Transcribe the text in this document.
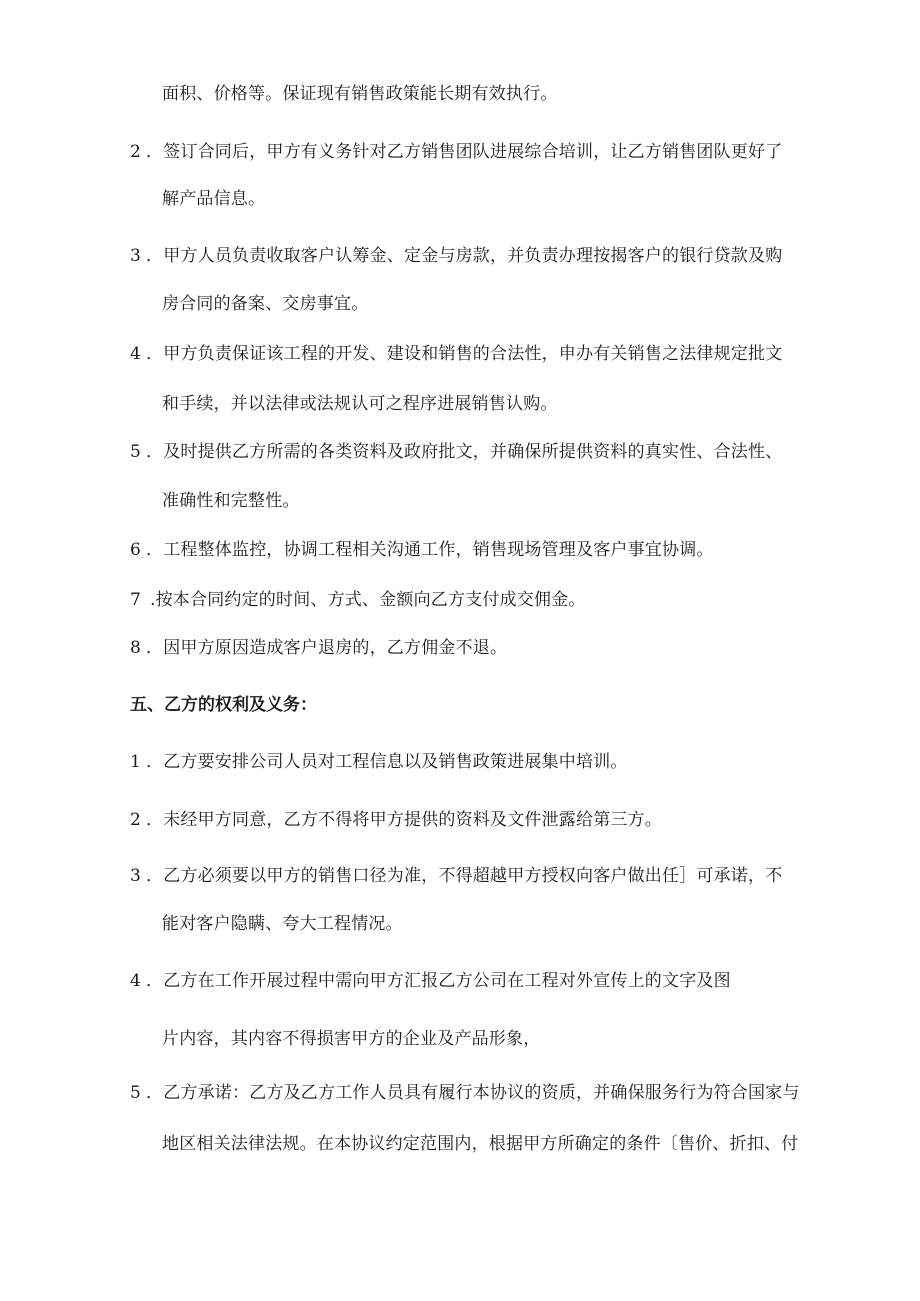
面积、价格等。保证现有销售政策能长期有效执行。
2 ．签订合同后，甲方有义务针对乙方销售团队进展综合培训，让乙方销售团队更好了
解产品信息。
3 ．甲方人员负责收取客户认筹金、定金与房款，并负责办理按揭客户的银行贷款及购
房合同的备案、交房事宜。
4 ．甲方负责保证该工程的开发、建设和销售的合法性，申办有关销售之法律规定批文
和手续，并以法律或法规认可之程序进展销售认购。
5 ．及时提供乙方所需的各类资料及政府批文，并确保所提供资料的真实性、合法性、
准确性和完整性。
6 ．工程整体监控，协调工程相关沟通工作，销售现场管理及客户事宜协调。
7 .按本合同约定的时间、方式、金额向乙方支付成交佣金。
8 ．因甲方原因造成客户退房的，乙方佣金不退。
五、乙方的权利及义务：
1 ．乙方要安排公司人员对工程信息以及销售政策进展集中培训。
2 ．未经甲方同意，乙方不得将甲方提供的资料及文件泄露给第三方。
3 ．乙方必须要以甲方的销售口径为准，不得超越甲方授权向客户做出任］可承诺，不
能对客户隐瞒、夸大工程情况。
4 ．乙方在工作开展过程中需向甲方汇报乙方公司在工程对外宣传上的文字及图
片内容，其内容不得损害甲方的企业及产品形象，
5 ．乙方承诺：乙方及乙方工作人员具有履行本协议的资质，并确保服务行为符合国家与
地区相关法律法规。在本协议约定范围内，根据甲方所确定的条件〔售价、折扣、付
